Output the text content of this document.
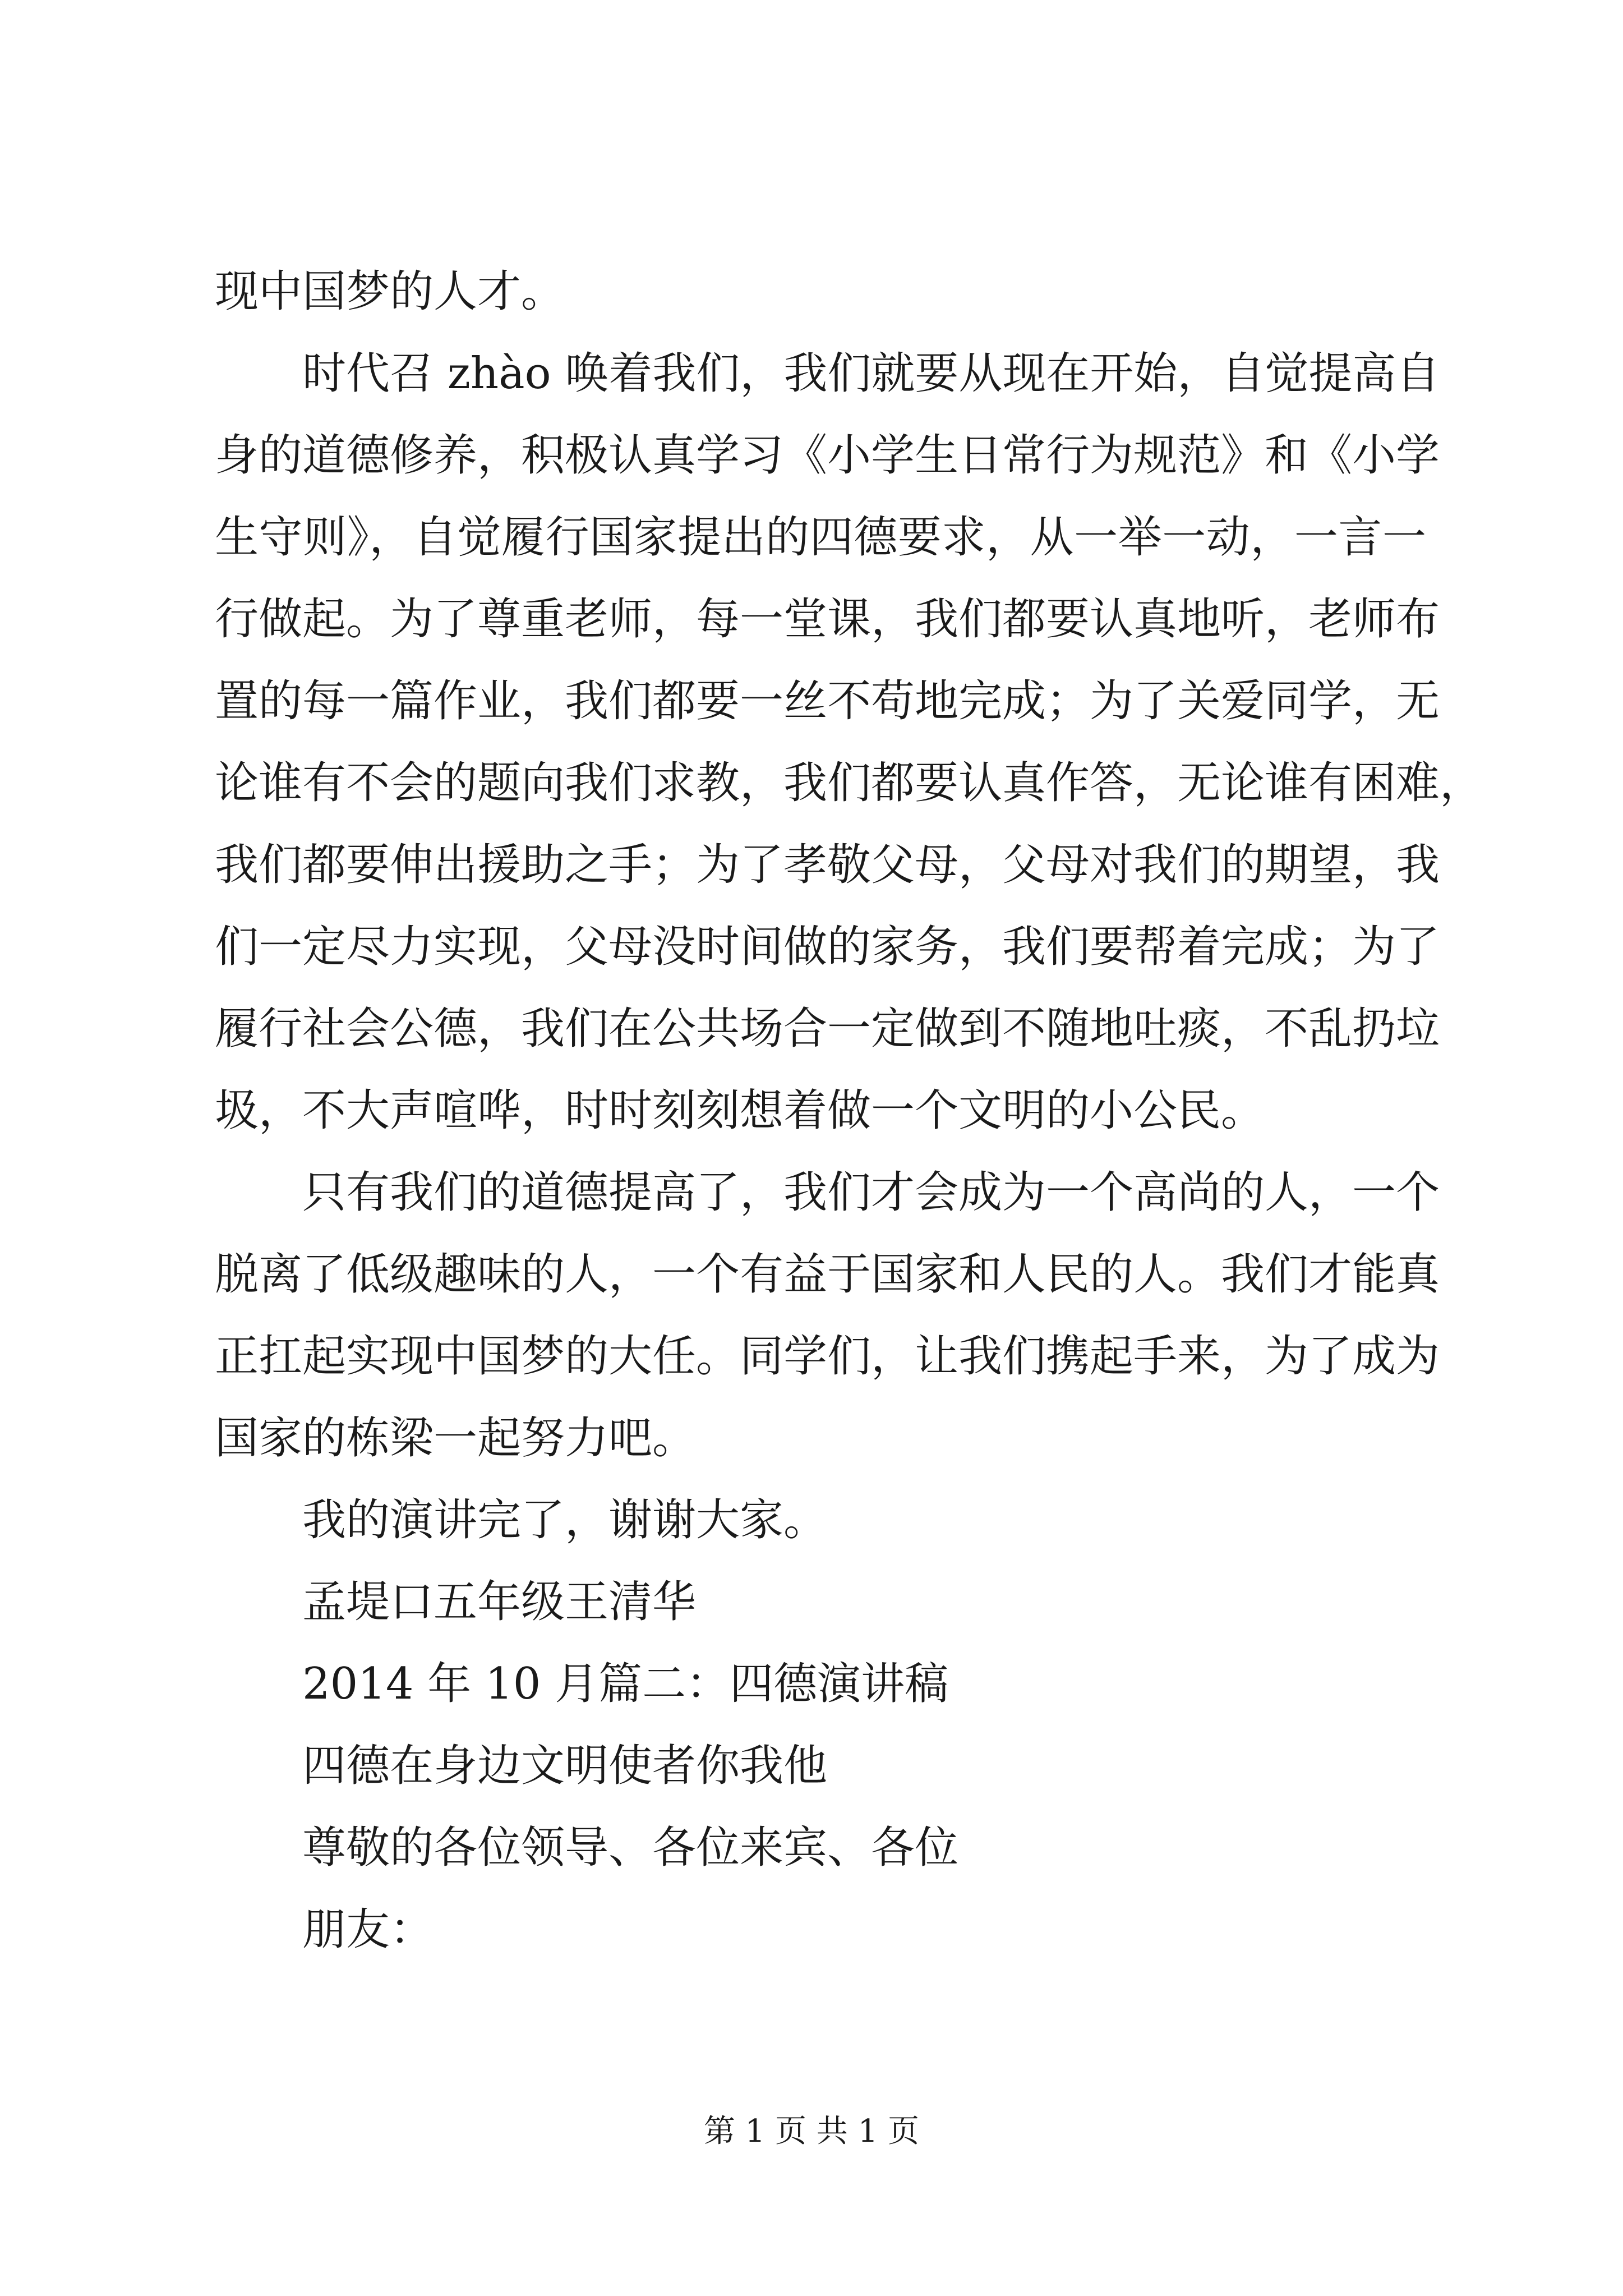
现中国梦的人才。
时代召 zhào 唤着我们，我们就要从现在开始，自觉提高自
身的道德修养，积极认真学习《小学生日常行为规范》和《小学
生守则》，自觉履行国家提出的四德要求，从一举一动，一言一
行做起。为了尊重老师，每一堂课，我们都要认真地听，老师布
置的每一篇作业，我们都要一丝不苟地完成；为了关爱同学，无
论谁有不会的题向我们求教，我们都要认真作答，无论谁有困难，
我们都要伸出援助之手；为了孝敬父母，父母对我们的期望，我
们一定尽力实现，父母没时间做的家务，我们要帮着完成；为了
履行社会公德，我们在公共场合一定做到不随地吐痰，不乱扔垃
圾，不大声喧哗，时时刻刻想着做一个文明的小公民。
只有我们的道德提高了，我们才会成为一个高尚的人，一个
脱离了低级趣味的人，一个有益于国家和人民的人。我们才能真
正扛起实现中国梦的大任。同学们，让我们携起手来，为了成为
国家的栋梁一起努力吧。
我的演讲完了，谢谢大家。
孟堤口五年级王清华
2014 年 10 月篇二：四德演讲稿
四德在身边文明使者你我他
尊敬的各位领导、各位来宾、各位
朋友：
第 1 页 共 1 页
